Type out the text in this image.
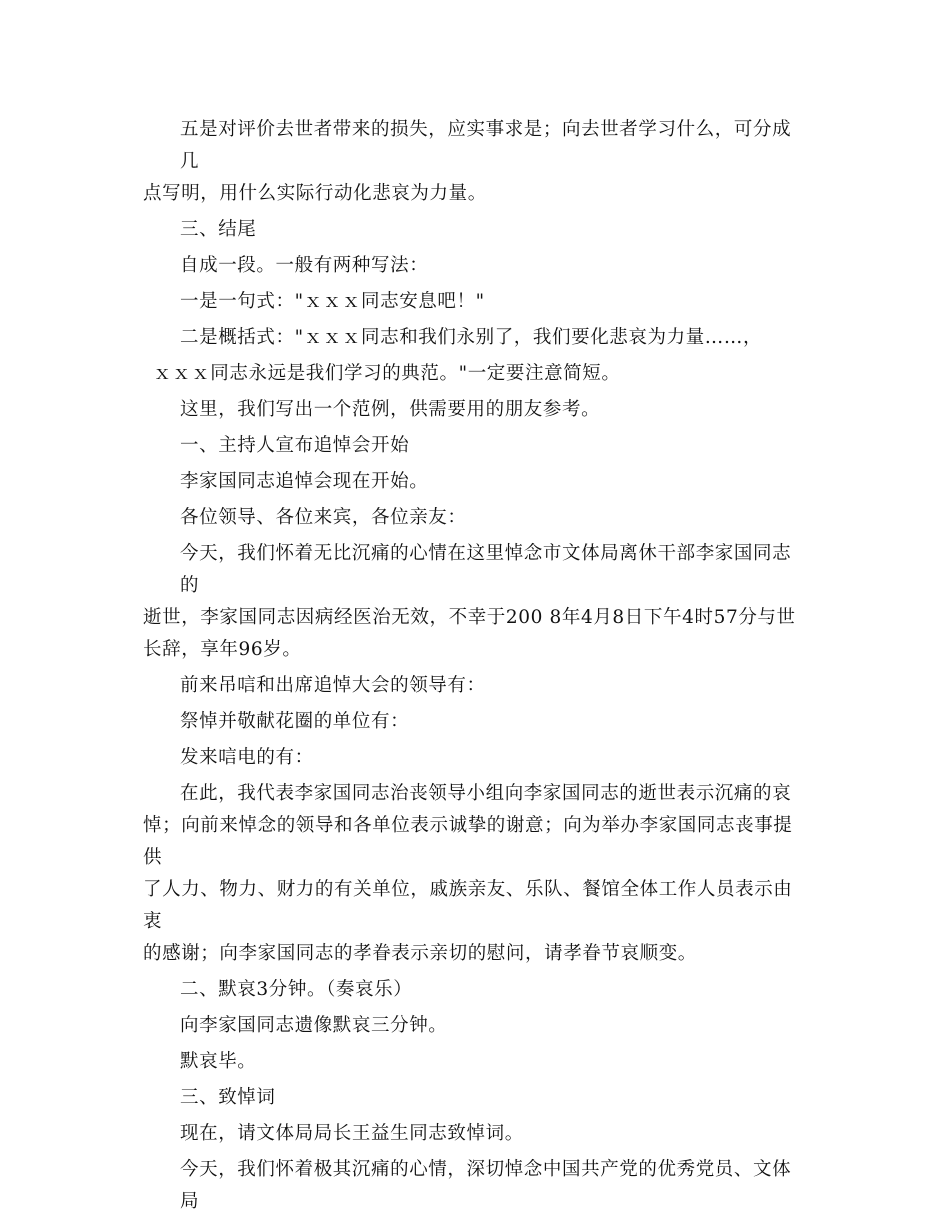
五是对评价去世者带来的损失，应实事求是；向去世者学习什么，可分成几
点写明，用什么实际行动化悲哀为力量。
三、结尾
自成一段。一般有两种写法：
一是一句式："ｘｘｘ同志安息吧！"
二是概括式："ｘｘｘ同志和我们永别了，我们要化悲哀为力量……，
ｘｘｘ同志永远是我们学习的典范。"一定要注意简短。
这里，我们写出一个范例，供需要用的朋友参考。
一、主持人宣布追悼会开始
李家国同志追悼会现在开始。
各位领导、各位来宾，各位亲友：
今天，我们怀着无比沉痛的心情在这里悼念市文体局离休干部李家国同志的
逝世，李家国同志因病经医治无效，不幸于200 8年4月8日下午4时57分与世
长辞，享年96岁。
前来吊唁和出席追悼大会的领导有：
祭悼并敬献花圈的单位有：
发来唁电的有：
在此，我代表李家国同志治丧领导小组向李家国同志的逝世表示沉痛的哀
悼；向前来悼念的领导和各单位表示诚挚的谢意；向为举办李家国同志丧事提供
了人力、物力、财力的有关单位，戚族亲友、乐队、餐馆全体工作人员表示由衷
的感谢；向李家国同志的孝眷表示亲切的慰问，请孝眷节哀顺变。
二、默哀3分钟。（奏哀乐）
向李家国同志遗像默哀三分钟。
默哀毕。
三、致悼词
现在，请文体局局长王益生同志致悼词。
今天，我们怀着极其沉痛的心情，深切悼念中国共产党的优秀党员、文体局
